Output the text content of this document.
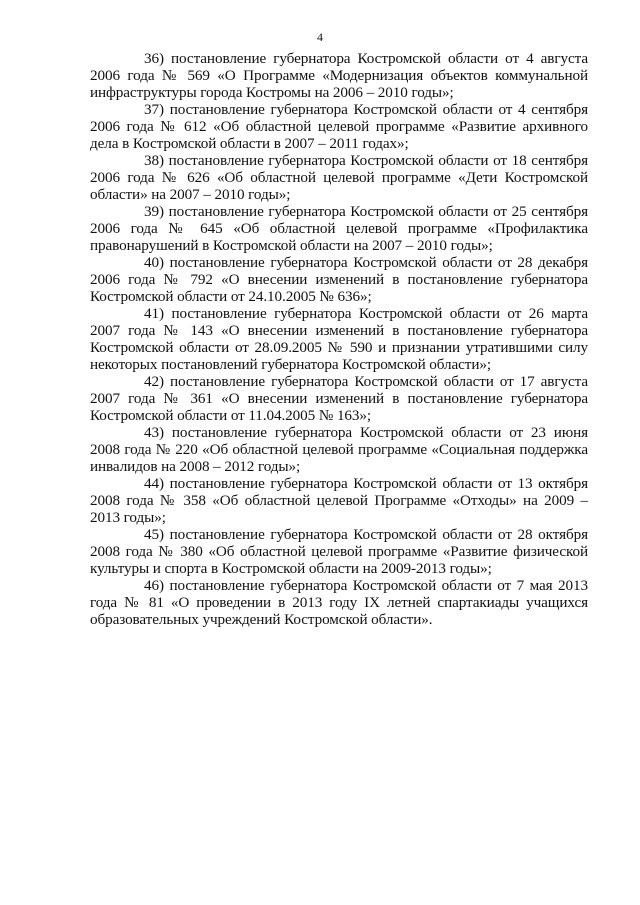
4

36) постановление губернатора Костромской области от 4 августа 2006 года № 569 «О Программе «Модернизация объектов коммунальной инфраструктуры города Костромы на 2006 – 2010 годы»;

37) постановление губернатора Костромской области от 4 сентября 2006 года № 612 «Об областной целевой программе «Развитие архивного дела в Костромской области в 2007 – 2011 годах»;

38) постановление губернатора Костромской области от 18 сентября 2006 года № 626 «Об областной целевой программе «Дети Костромской области» на 2007 – 2010 годы»;

39) постановление губернатора Костромской области от 25 сентября 2006 года № 645 «Об областной целевой программе «Профилактика правонарушений в Костромской области на 2007 – 2010 годы»;

40) постановление губернатора Костромской области от 28 декабря 2006 года № 792 «О внесении изменений в постановление губернатора Костромской области от 24.10.2005 № 636»;

41) постановление губернатора Костромской области от 26 марта 2007 года № 143 «О внесении изменений в постановление губернатора Костромской области от 28.09.2005 № 590 и признании утратившими силу некоторых постановлений губернатора Костромской области»;

42) постановление губернатора Костромской области от 17 августа 2007 года № 361 «О внесении изменений в постановление губернатора Костромской области от 11.04.2005 № 163»;

43) постановление губернатора Костромской области от 23 июня 2008 года № 220 «Об областной целевой программе «Социальная поддержка инвалидов на 2008 – 2012 годы»;

44) постановление губернатора Костромской области от 13 октября 2008 года № 358 «Об областной целевой Программе «Отходы» на 2009 – 2013 годы»;

45) постановление губернатора Костромской области от 28 октября 2008 года № 380 «Об областной целевой программе «Развитие физической культуры и спорта в Костромской области на 2009-2013 годы»;

46) постановление губернатора Костромской области от 7 мая 2013 года № 81 «О проведении в 2013 году IX летней спартакиады учащихся образовательных учреждений Костромской области».
